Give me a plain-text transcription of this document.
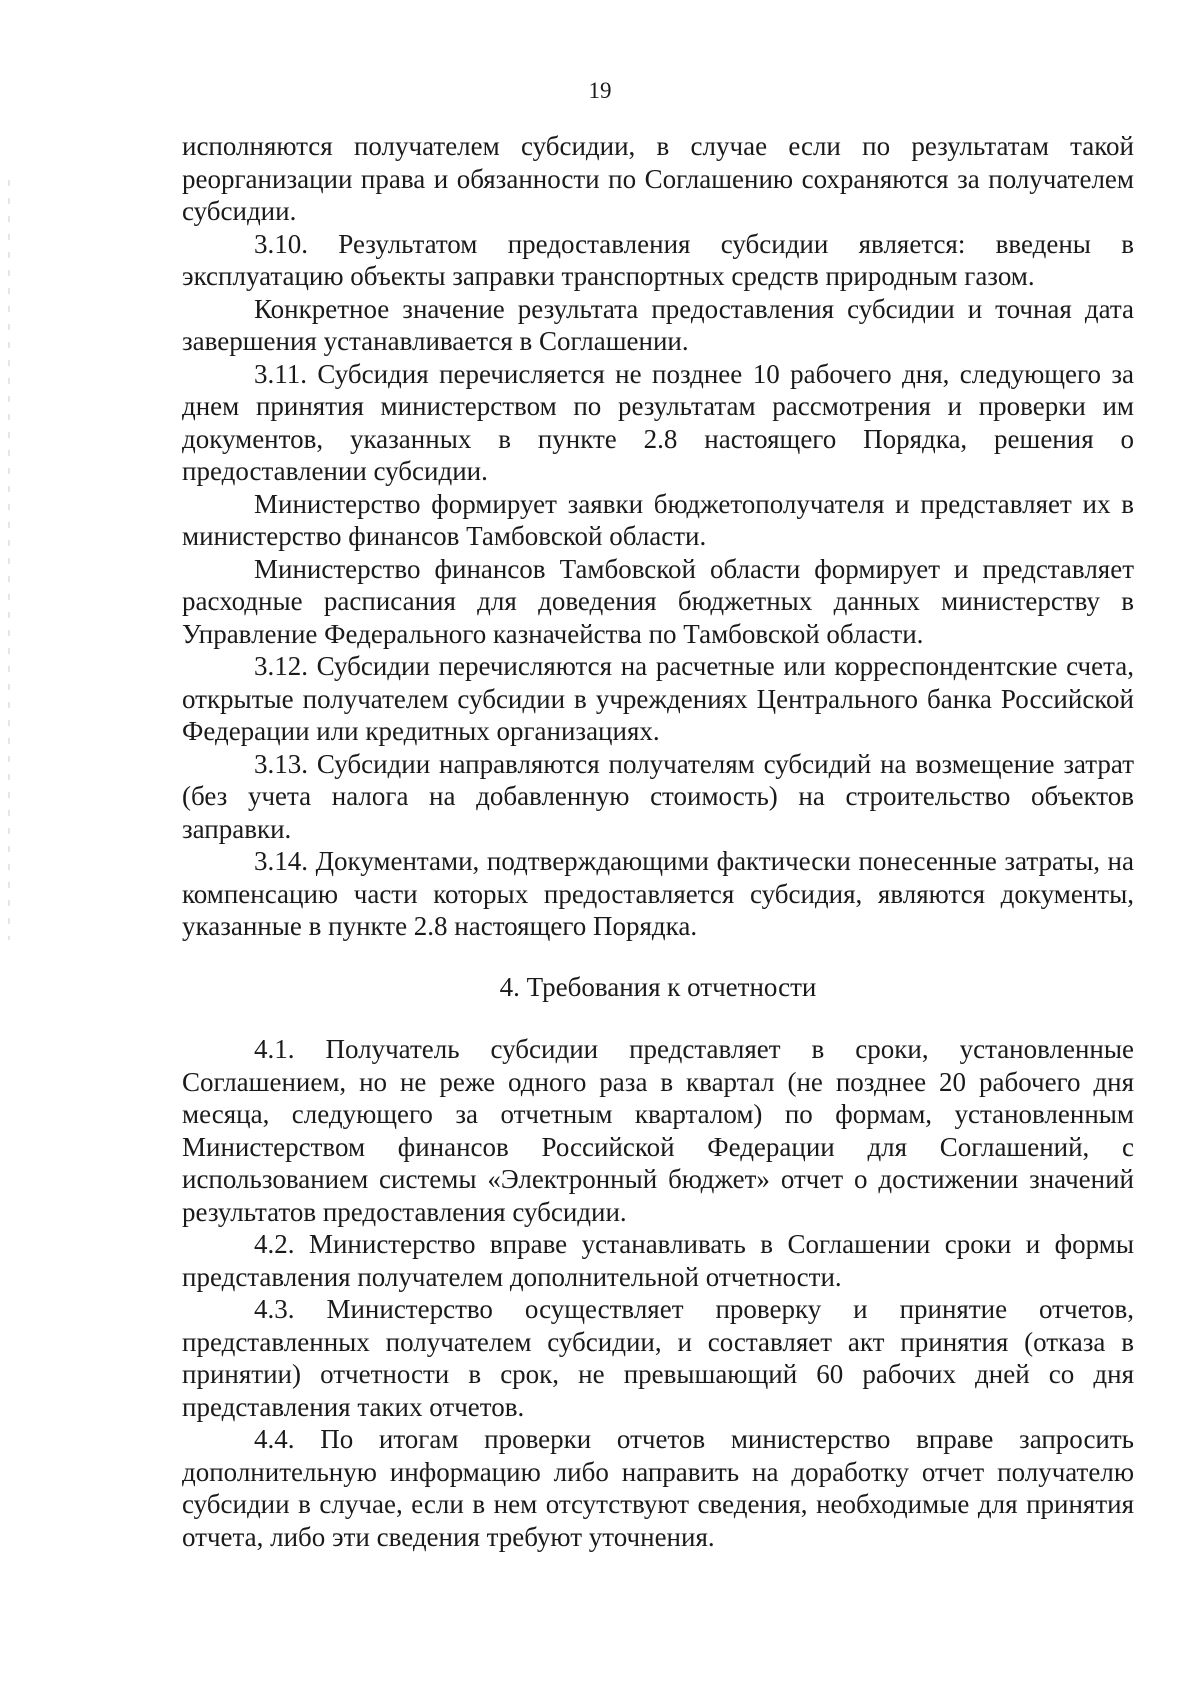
19

исполняются получателем субсидии, в случае если по результатам такой реорганизации права и обязанности по Соглашению сохраняются за получателем субсидии.

3.10. Результатом предоставления субсидии является: введены в эксплуатацию объекты заправки транспортных средств природным газом.

Конкретное значение результата предоставления субсидии и точная дата завершения устанавливается в Соглашении.

3.11. Субсидия перечисляется не позднее 10 рабочего дня, следующего за днем принятия министерством по результатам рассмотрения и проверки им документов, указанных в пункте 2.8 настоящего Порядка, решения о предоставлении субсидии.

Министерство формирует заявки бюджетополучателя и представляет их в министерство финансов Тамбовской области.

Министерство финансов Тамбовской области формирует и представляет расходные расписания для доведения бюджетных данных министерству в Управление Федерального казначейства по Тамбовской области.

3.12. Субсидии перечисляются на расчетные или корреспондентские счета, открытые получателем субсидии в учреждениях Центрального банка Российской Федерации или кредитных организациях.

3.13. Субсидии направляются получателям субсидий на возмещение затрат (без учета налога на добавленную стоимость) на строительство объектов заправки.

3.14. Документами, подтверждающими фактически понесенные затраты, на компенсацию части которых предоставляется субсидия, являются документы, указанные в пункте 2.8 настоящего Порядка.

4. Требования к отчетности

4.1. Получатель субсидии представляет в сроки, установленные Соглашением, но не реже одного раза в квартал (не позднее 20 рабочего дня месяца, следующего за отчетным кварталом) по формам, установленным Министерством финансов Российской Федерации для Соглашений, с использованием системы «Электронный бюджет» отчет о достижении значений результатов предоставления субсидии.

4.2. Министерство вправе устанавливать в Соглашении сроки и формы представления получателем дополнительной отчетности.

4.3. Министерство осуществляет проверку и принятие отчетов, представленных получателем субсидии, и составляет акт принятия (отказа в принятии) отчетности в срок, не превышающий 60 рабочих дней со дня представления таких отчетов.

4.4. По итогам проверки отчетов министерство вправе запросить дополнительную информацию либо направить на доработку отчет получателю субсидии в случае, если в нем отсутствуют сведения, необходимые для принятия отчета, либо эти сведения требуют уточнения.
